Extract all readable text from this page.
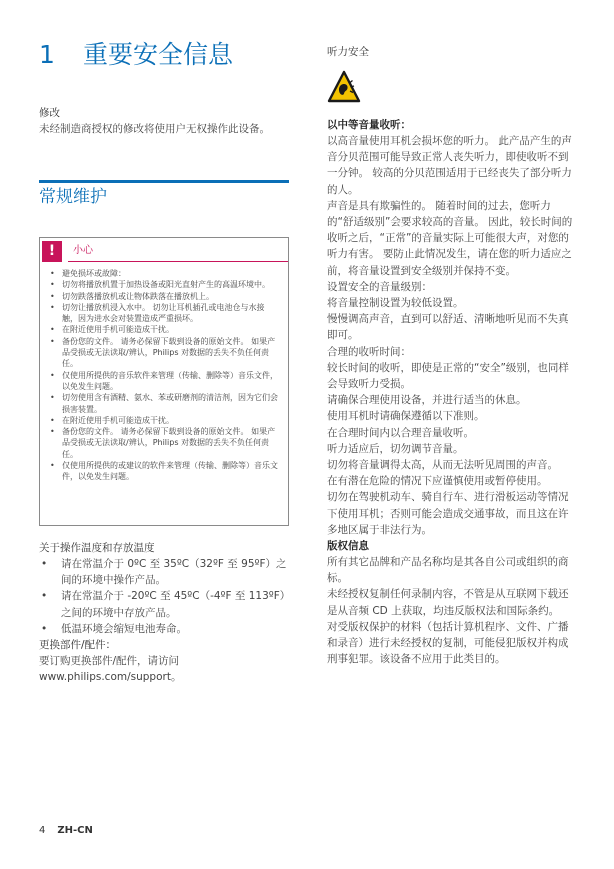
1 重要安全信息
修改
未经制造商授权的修改将使用户无权操作此设备。
常规维护
!	小心
• 避免损坏或故障：
• 切勿将播放机置于加热设备或阳光直射产生的高温环境中。
• 切勿跌落播放机或让物体跌落在播放机上。
• 切勿让播放机浸入水中。 切勿让耳机插孔或电池仓与水接触，因为进水会对装置造成严重损坏。
• 在附近使用手机可能造成干扰。
• 备份您的文件。 请务必保留下载到设备的原始文件。 如果产品受损或无法读取/辨认，Philips 对数据的丢失不负任何责任。
• 仅使用所提供的音乐软件来管理（传输、删除等）音乐文件，以免发生问题。
• 切勿使用含有酒精、氨水、苯或研磨剂的清洁剂，因为它们会损害装置。
• 在附近使用手机可能造成干扰。
• 备份您的文件。 请务必保留下载到设备的原始文件。 如果产品受损或无法读取/辨认，Philips 对数据的丢失不负任何责任。
• 仅使用所提供的或建议的软件来管理（传输、删除等）音乐文件，以免发生问题。
关于操作温度和存放温度
• 请在常温介于 0ºC 至 35ºC（32ºF 至 95ºF）之间的环境中操作产品。
• 请在常温介于 -20ºC 至 45ºC（-4ºF 至 113ºF）之间的环境中存放产品。
• 低温环境会缩短电池寿命。
更换部件/配件：
要订购更换部件/配件，请访问 www.philips.com/support。
听力安全
以中等音量收听：
以高音量使用耳机会损坏您的听力。 此产品产生的声音分贝范围可能导致正常人丧失听力，即使收听不到一分钟。 较高的分贝范围适用于已经丧失了部分听力的人。
声音是具有欺骗性的。 随着时间的过去，您听力的“舒适级别”会要求较高的音量。 因此，较长时间的收听之后，“正常”的音量实际上可能很大声，对您的听力有害。 要防止此情况发生，请在您的听力适应之前，将音量设置到安全级别并保持不变。
设置安全的音量级别：
将音量控制设置为较低设置。
慢慢调高声音，直到可以舒适、清晰地听见而不失真即可。
合理的收听时间：
较长时间的收听，即使是正常的“安全”级别，也同样会导致听力受损。
请确保合理使用设备，并进行适当的休息。
使用耳机时请确保遵循以下准则。
在合理时间内以合理音量收听。
听力适应后，切勿调节音量。
切勿将音量调得太高，从而无法听见周围的声音。
在有潜在危险的情况下应谨慎使用或暂停使用。
切勿在驾驶机动车、骑自行车、进行滑板运动等情况下使用耳机；否则可能会造成交通事故，而且这在许多地区属于非法行为。
版权信息
所有其它品牌和产品名称均是其各自公司或组织的商标。
未经授权复制任何录制内容，不管是从互联网下载还是从音频 CD 上获取，均违反版权法和国际条约。
对受版权保护的材料（包括计算机程序、文件、广播和录音）进行未经授权的复制，可能侵犯版权并构成刑事犯罪。该设备不应用于此类目的。
4 ZH-CN
